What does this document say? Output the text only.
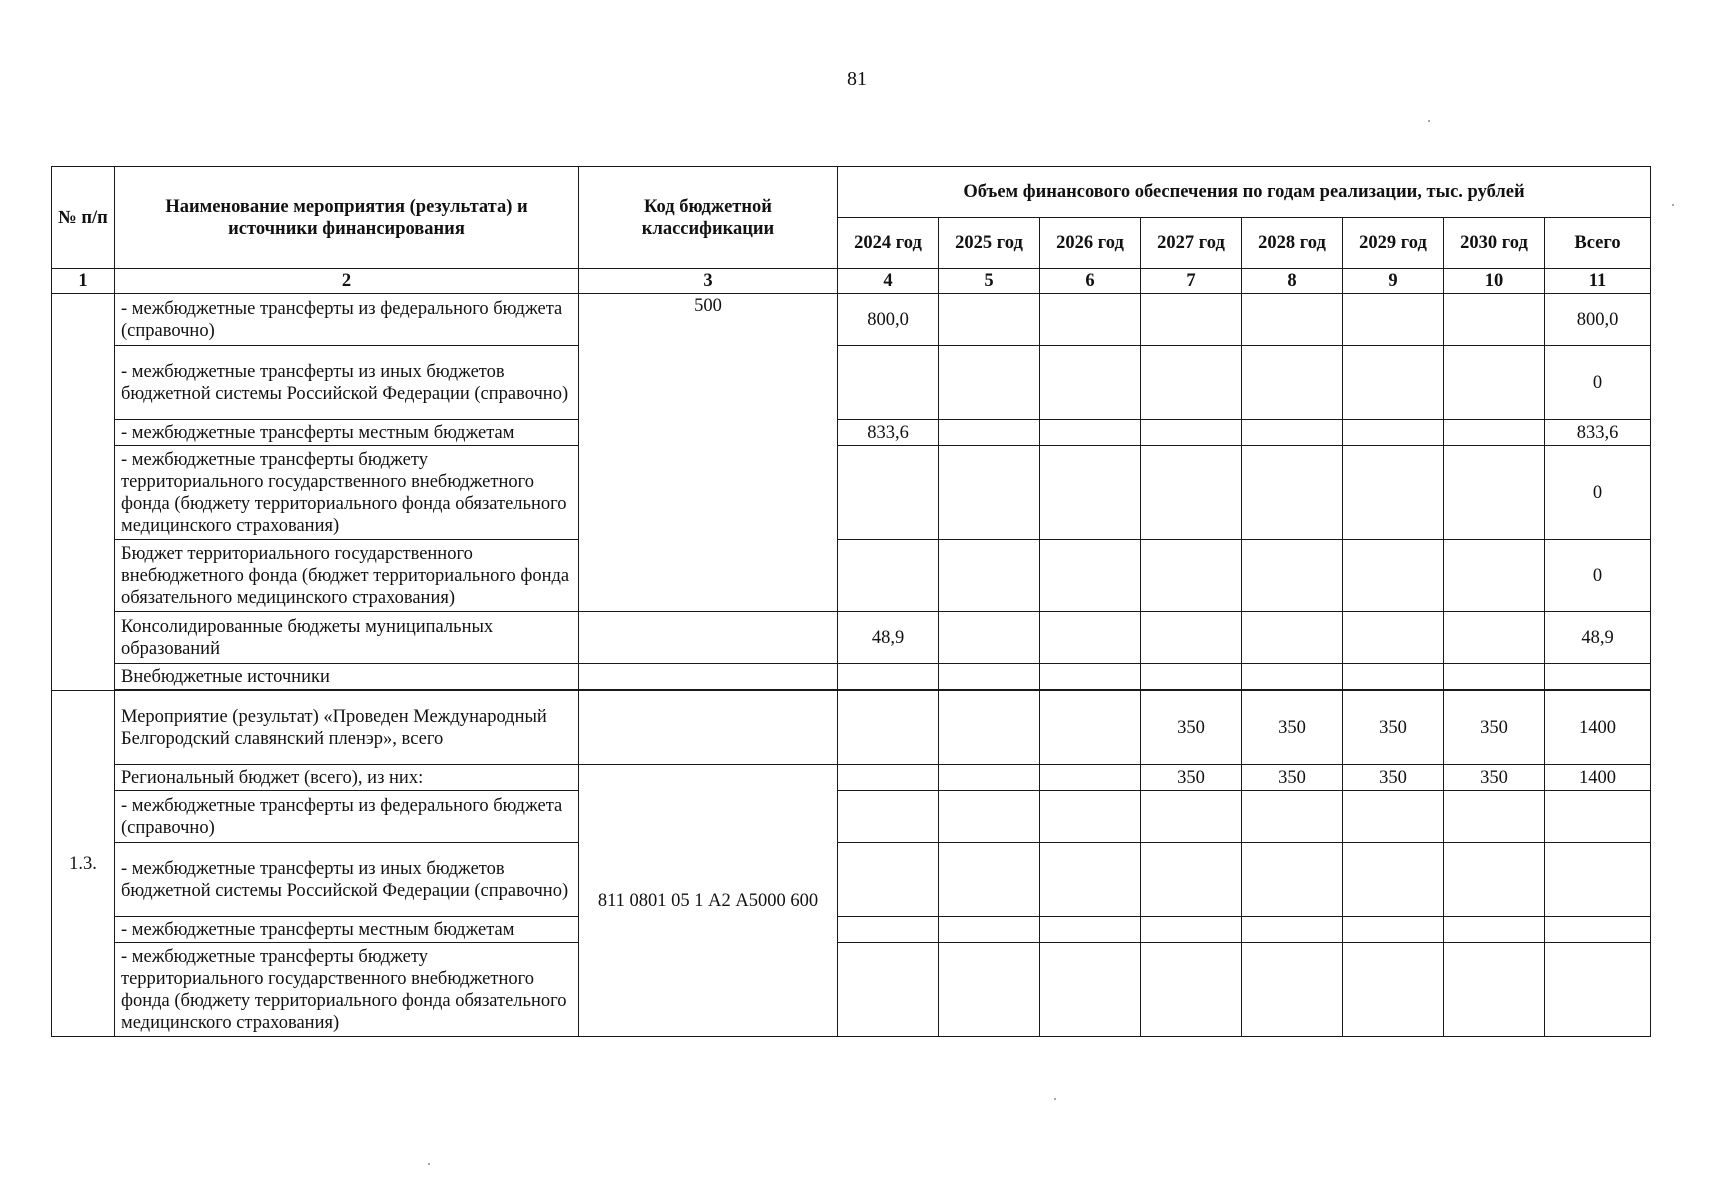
81
№ п/п	Наименование мероприятия (результата) и источники финансирования	Код бюджетной классификации	Объем финансового обеспечения по годам реализации, тыс. рублей							
			2024 год	2025 год	2026 год	2027 год	2028 год	2029 год	2030 год	Всего
1	2	3	4	5	6	7	8	9	10	11
	- межбюджетные трансферты из федерального бюджета (справочно)	500	800,0							800,0
	- межбюджетные трансферты из иных бюджетов бюджетной системы Российской Федерации (справочно)									0
	- межбюджетные трансферты местным бюджетам		833,6							833,6
	- межбюджетные трансферты бюджету территориального государственного внебюджетного фонда (бюджету территориального фонда обязательного медицинского страхования)									0
	Бюджет территориального государственного внебюджетного фонда (бюджет территориального фонда обязательного медицинского страхования)									0
	Консолидированные бюджеты муниципальных образований		48,9							48,9
	Внебюджетные источники									

1.3.	Мероприятие (результат) «Проведен Международный Белгородский славянский пленэр», всего					350	350	350	350	1400
	Региональный бюджет (всего), из них:	811 0801 05 1 А2 А5000 600				350	350	350	350	1400
	- межбюджетные трансферты из федерального бюджета (справочно)									
	- межбюджетные трансферты из иных бюджетов бюджетной системы Российской Федерации (справочно)									
	- межбюджетные трансферты местным бюджетам									
	- межбюджетные трансферты бюджету территориального государственного внебюджетного фонда (бюджету территориального фонда обязательного медицинского страхования)									
